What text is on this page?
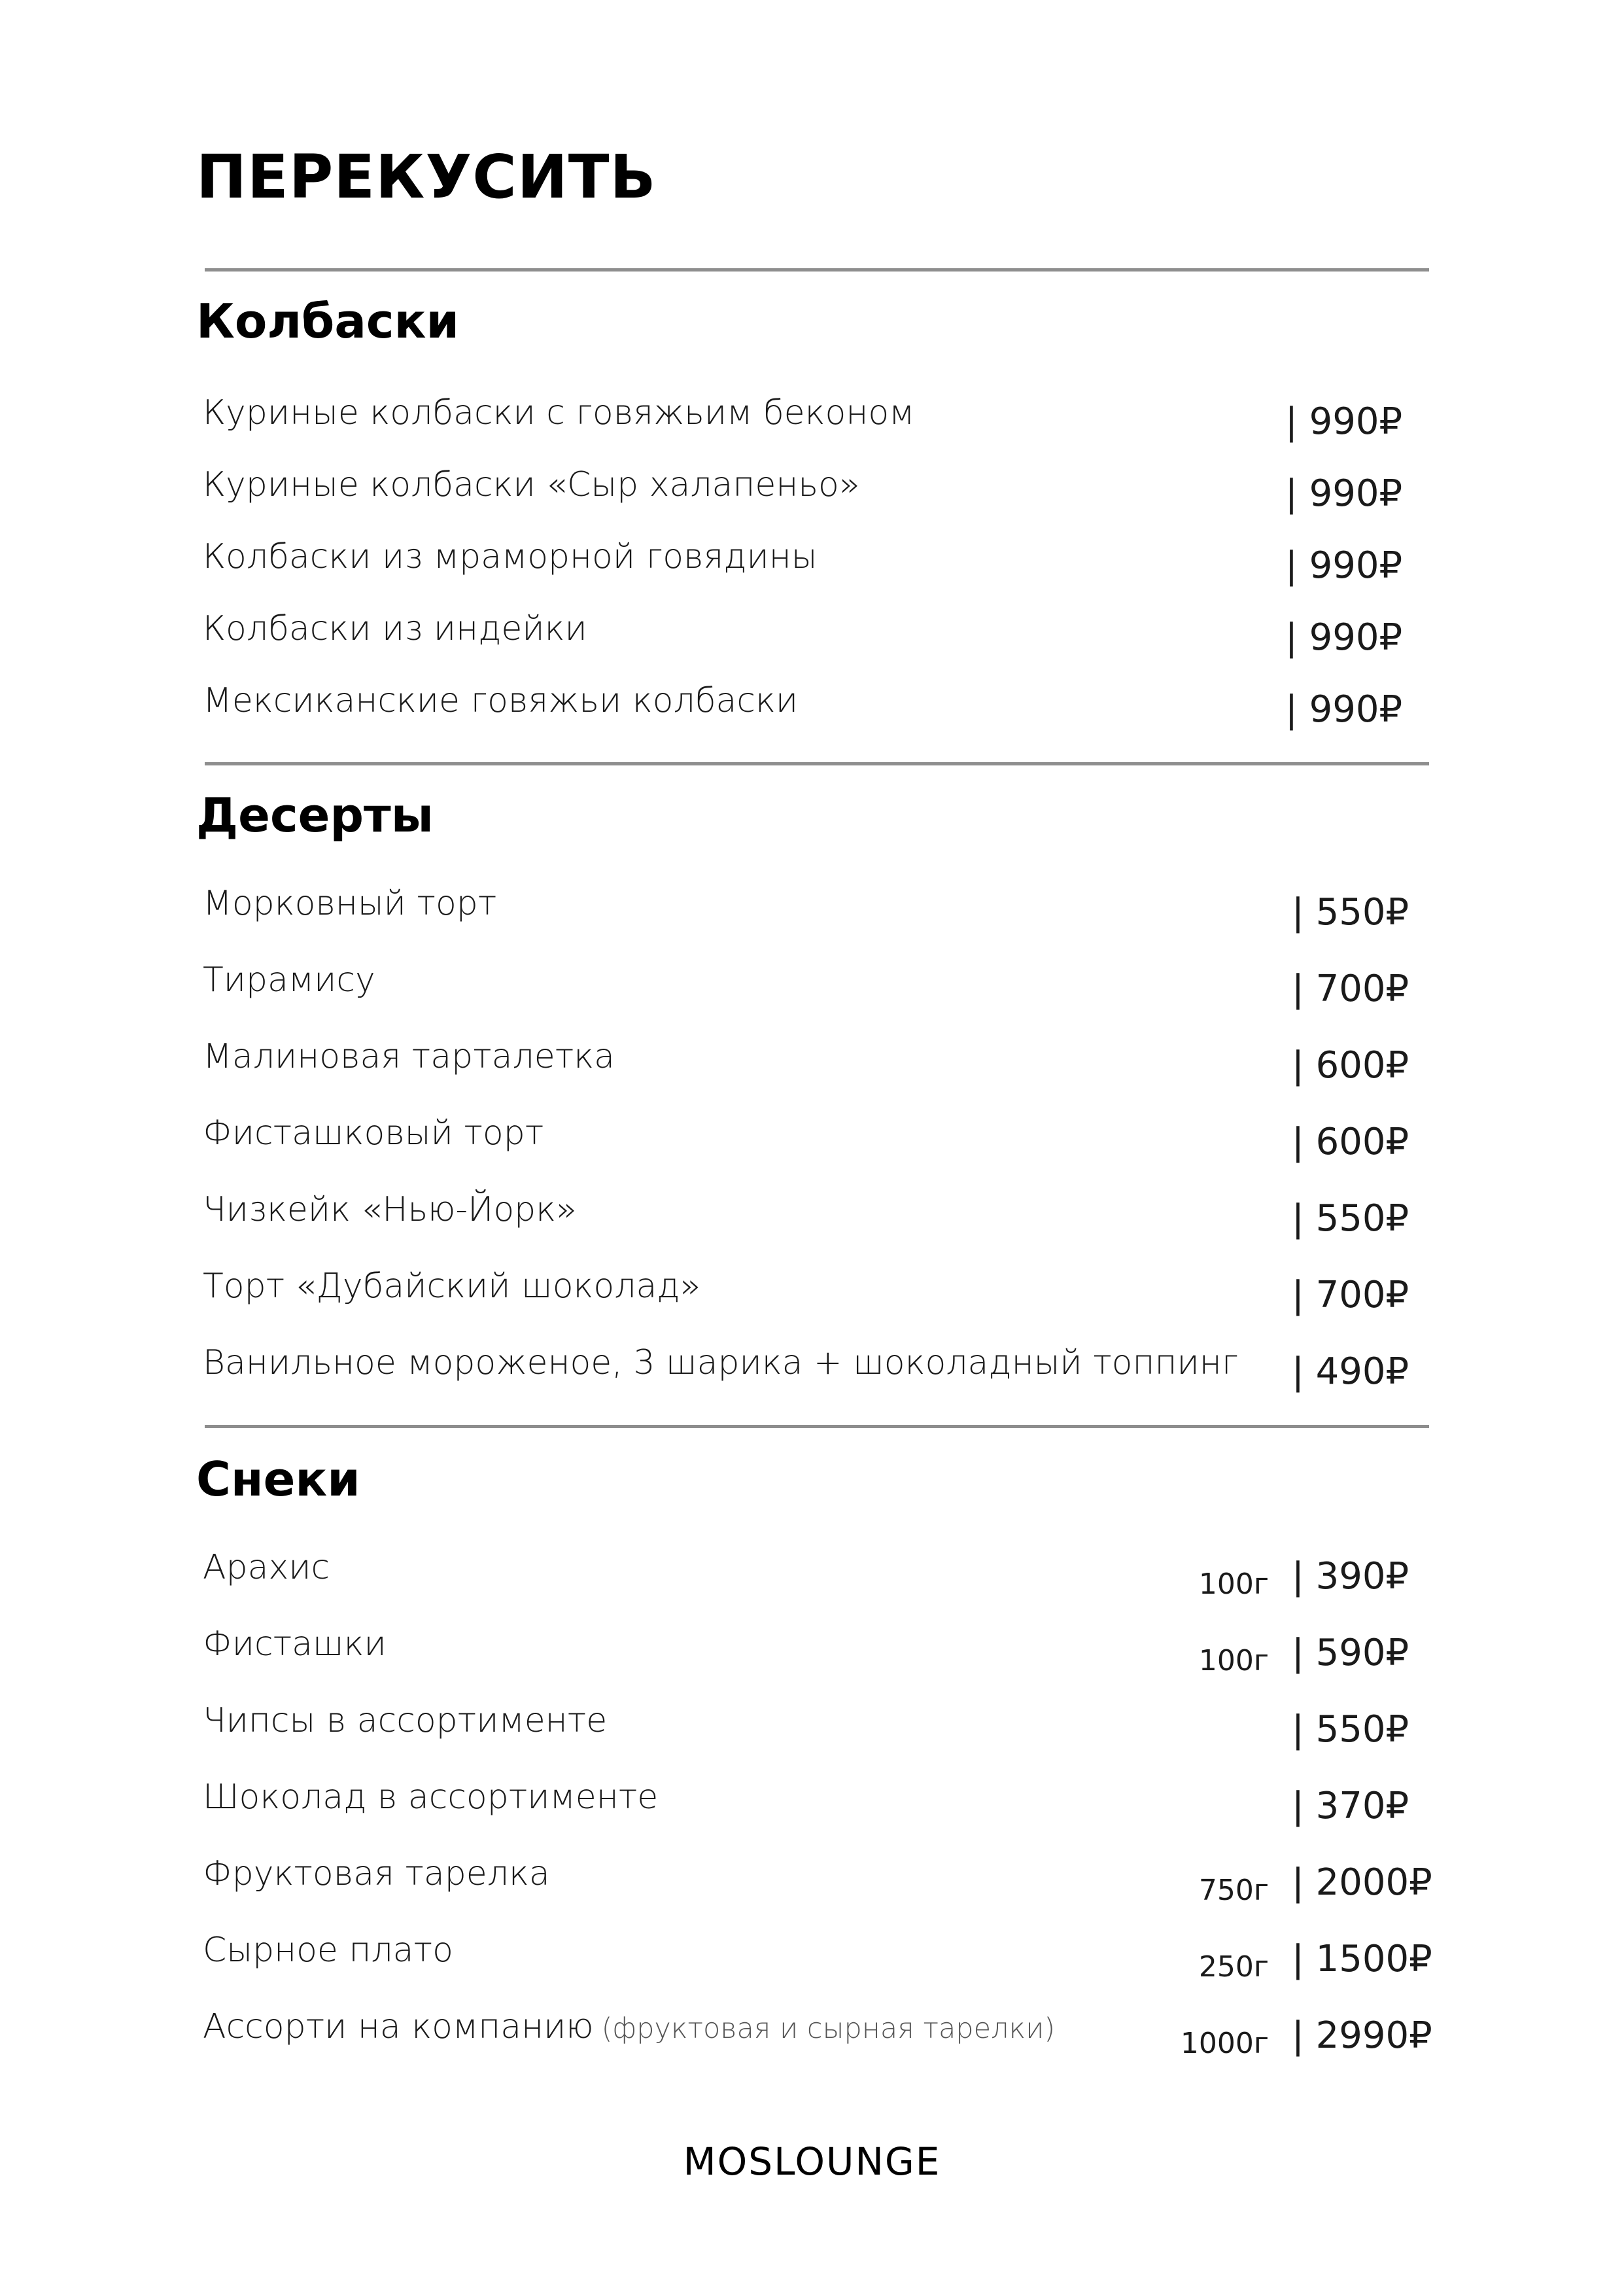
ПЕРЕКУСИТЬ
Колбаски
Куриные колбаски с говяжьим беконом	| 990₽
Куриные колбаски «Сыр халапеньо»	| 990₽
Колбаски из мраморной говядины	| 990₽
Колбаски из индейки	| 990₽
Мексиканские говяжьи колбаски	| 990₽
Десерты
Морковный торт	| 550₽
Тирамису	| 700₽
Малиновая тарталетка	| 600₽
Фисташковый торт	| 600₽
Чизкейк «Нью-Йорк»	| 550₽
Торт «Дубайский шоколад»	| 700₽
Ванильное мороженое, 3 шарика + шоколадный топпинг | 490₽
Снеки
Арахис	100г | 390₽
Фисташки	100г | 590₽
Чипсы в ассортименте	| 550₽
Шоколад в ассортименте	| 370₽
Фруктовая тарелка	750г | 2000₽
Сырное плато	250г | 1500₽
Ассорти на компанию (фруктовая и сырная тарелки)	1000г | 2990₽
MOSLOUNGE
